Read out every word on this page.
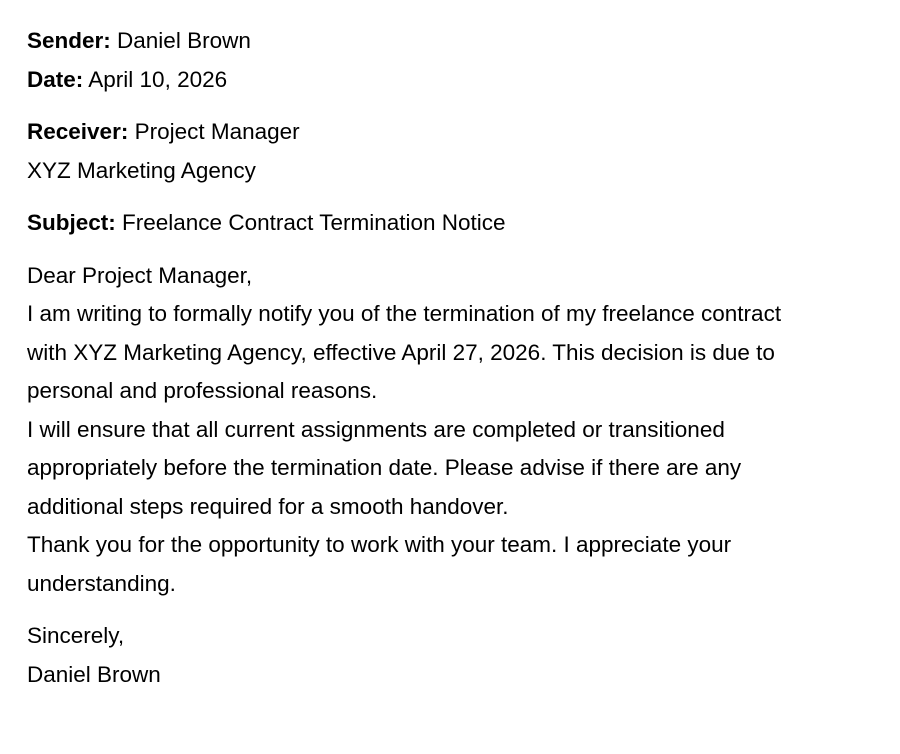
Sender: Daniel Brown
Date: April 10, 2026
Receiver: Project Manager
XYZ Marketing Agency
Subject: Freelance Contract Termination Notice
Dear Project Manager,
I am writing to formally notify you of the termination of my freelance contract
with XYZ Marketing Agency, effective April 27, 2026. This decision is due to
personal and professional reasons.
I will ensure that all current assignments are completed or transitioned
appropriately before the termination date. Please advise if there are any
additional steps required for a smooth handover.
Thank you for the opportunity to work with your team. I appreciate your
understanding.
Sincerely,
Daniel Brown
